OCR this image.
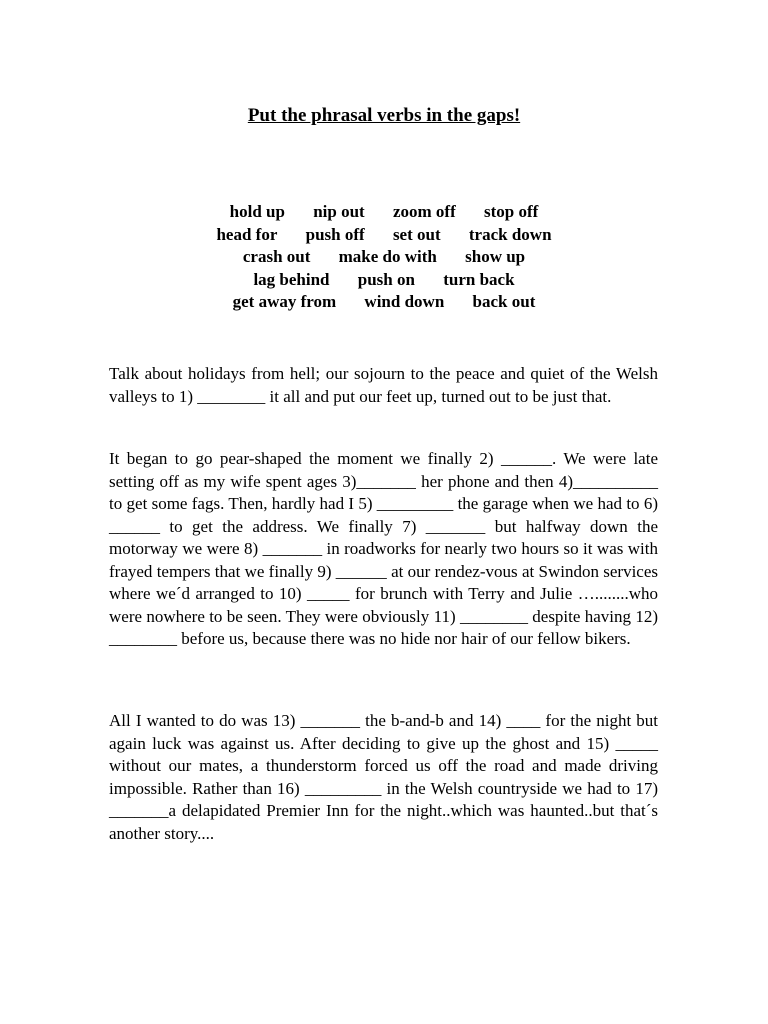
Put the phrasal verbs in the gaps!
hold up nip out zoom off stop off
head for push off set out track down
crash out make do with show up
lag behind push on turn back
get away from wind down back out

Talk about holidays from hell; our sojourn to the peace and quiet of the Welsh valleys to 1) ________ it all and put our feet up, turned out to be just that.

It began to go pear-shaped the moment we finally 2) ______. We were late setting off as my wife spent ages 3)_______ her phone and then 4)__________ to get some fags. Then, hardly had I 5) _________ the garage when we had to 6) ______ to get the address. We finally 7) _______ but halfway down the motorway we were 8) _______ in roadworks for nearly two hours so it was with frayed tempers that we finally 9) ______ at our rendez-vous at Swindon services where we´d arranged to 10) _____ for brunch with Terry and Julie …........who were nowhere to be seen. They were obviously 11) ________ despite having 12) ________ before us, because there was no hide nor hair of our fellow bikers.

All I wanted to do was 13) _______ the b-and-b and 14) ____ for the night but again luck was against us. After deciding to give up the ghost and 15) _____ without our mates, a thunderstorm forced us off the road and made driving impossible. Rather than 16) _________ in the Welsh countryside we had to 17) _______a delapidated Premier Inn for the night..which was haunted..but that´s another story....
